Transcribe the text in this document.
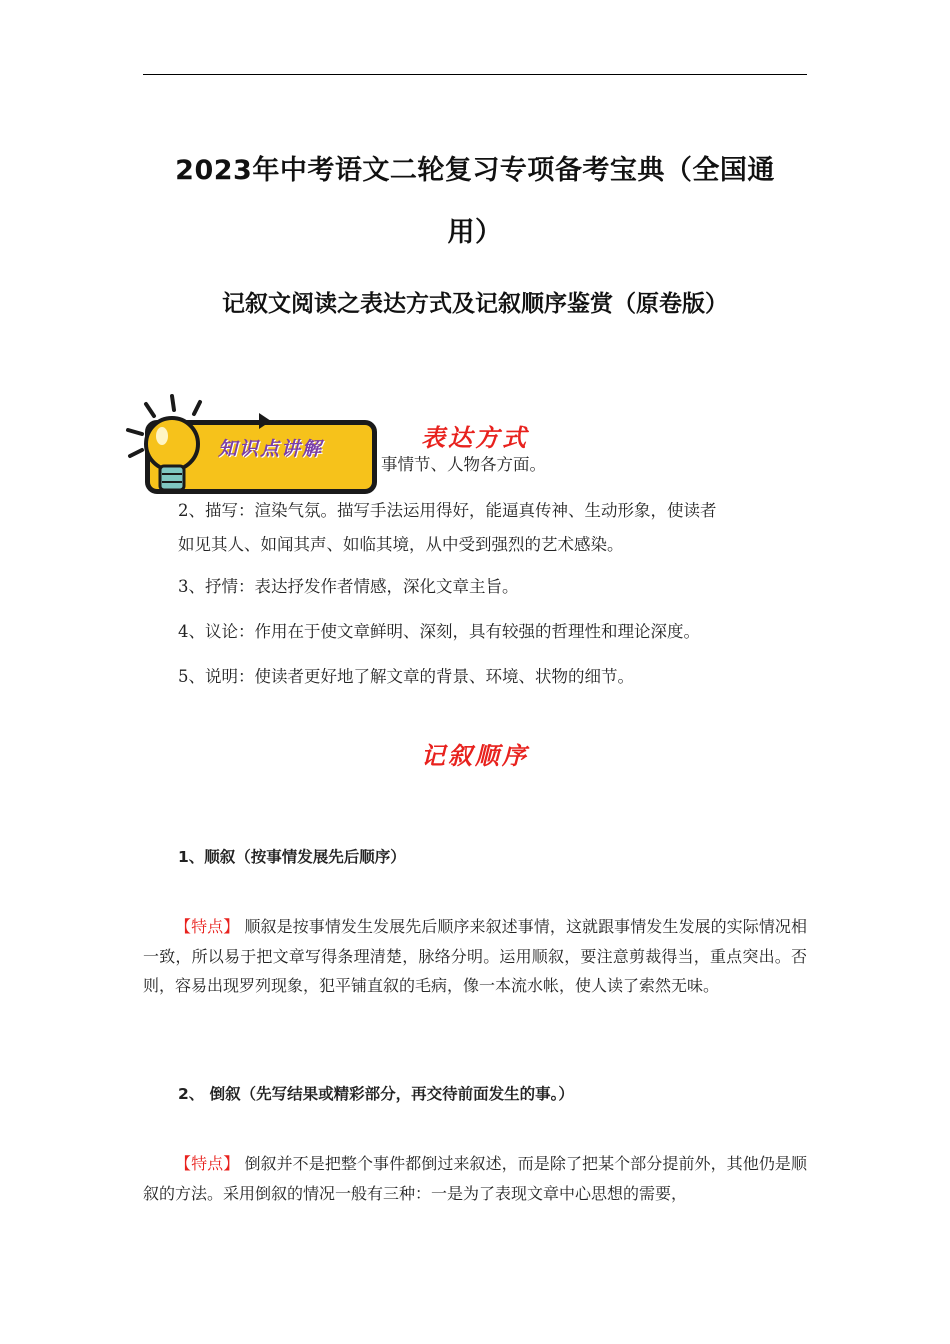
2023年中考语文二轮复习专项备考宝典（全国通
用）
记叙文阅读之表达方式及记叙顺序鉴赏（原卷版）
知识点讲解	表达方式
事情节、人物各方面。
2、描写：渲染气氛。描写手法运用得好，能逼真传神、生动形象，使读者
如见其人、如闻其声、如临其境，从中受到强烈的艺术感染。
3、抒情：表达抒发作者情感，深化文章主旨。
4、议论：作用在于使文章鲜明、深刻，具有较强的哲理性和理论深度。
5、说明：使读者更好地了解文章的背景、环境、状物的细节。
记叙顺序
1、顺叙（按事情发展先后顺序）
【特点】 顺叙是按事情发生发展先后顺序来叙述事情，这就跟事情发生发展的实际情况相一致，所以易于把文章写得条理清楚，脉络分明。运用顺叙，要注意剪裁得当，重点突出。否则，容易出现罗列现象，犯平铺直叙的毛病，像一本流水帐，使人读了索然无味。
2、 倒叙（先写结果或精彩部分，再交待前面发生的事。）
【特点】 倒叙并不是把整个事件都倒过来叙述，而是除了把某个部分提前外，其他仍是顺叙的方法。采用倒叙的情况一般有三种：一是为了表现文章中心思想的需要，
